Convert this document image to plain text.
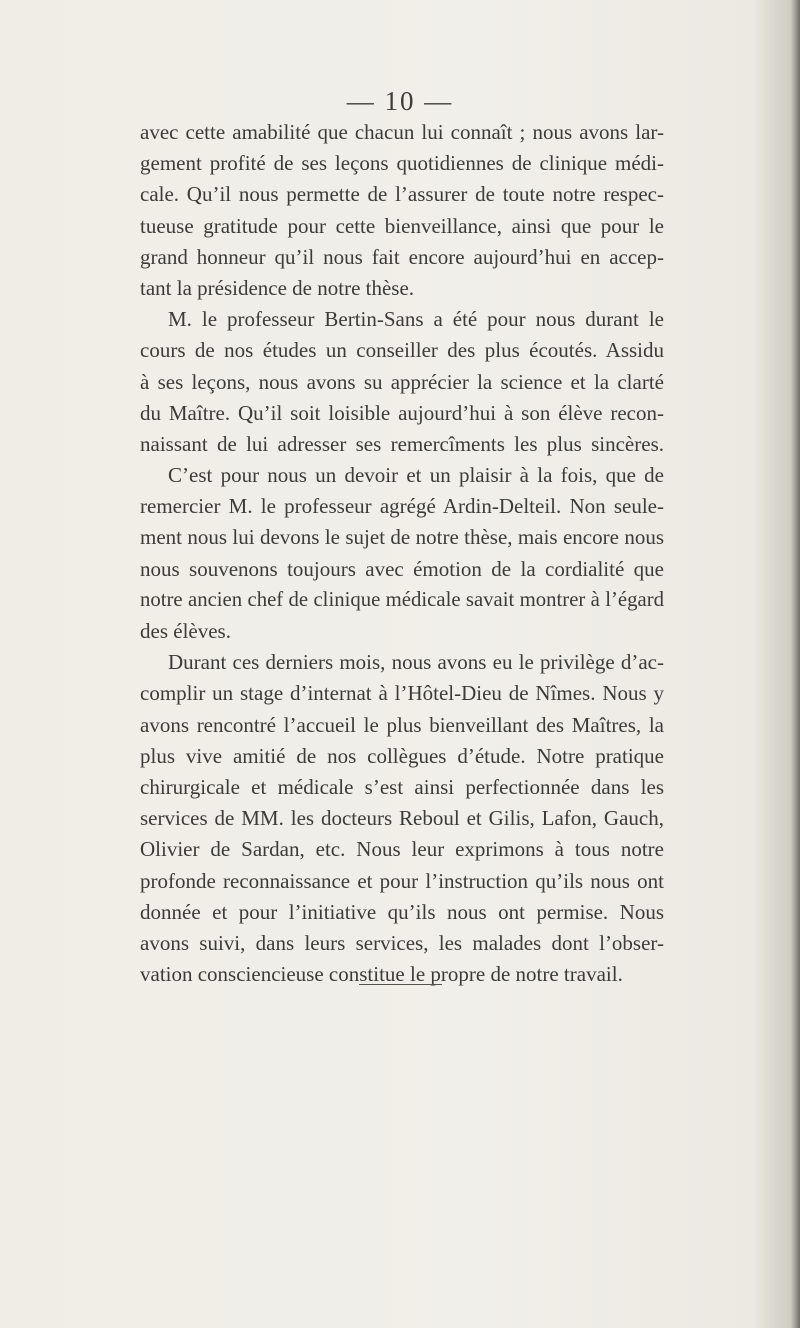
— 10 —
avec cette amabilité que chacun lui connaît ; nous avons lar-
gement profité de ses leçons quotidiennes de clinique médi-
cale. Qu’il nous permette de l’assurer de toute notre respec-
tueuse gratitude pour cette bienveillance, ainsi que pour le
grand honneur qu’il nous fait encore aujourd’hui en accep-
tant la présidence de notre thèse.
M. le professeur Bertin-Sans a été pour nous durant le
cours de nos études un conseiller des plus écoutés. Assidu
à ses leçons, nous avons su apprécier la science et la clarté
du Maître. Qu’il soit loisible aujourd’hui à son élève recon-
naissant de lui adresser ses remercîments les plus sincères.
C’est pour nous un devoir et un plaisir à la fois, que de
remercier M. le professeur agrégé Ardin-Delteil. Non seule-
ment nous lui devons le sujet de notre thèse, mais encore nous
nous souvenons toujours avec émotion de la cordialité que
notre ancien chef de clinique médicale savait montrer à l’égard
des élèves.
Durant ces derniers mois, nous avons eu le privilège d’ac-
complir un stage d’internat à l’Hôtel-Dieu de Nîmes. Nous y
avons rencontré l’accueil le plus bienveillant des Maîtres, la
plus vive amitié de nos collègues d’étude. Notre pratique
chirurgicale et médicale s’est ainsi perfectionnée dans les
services de MM. les docteurs Reboul et Gilis, Lafon, Gauch,
Olivier de Sardan, etc. Nous leur exprimons à tous notre
profonde reconnaissance et pour l’instruction qu’ils nous ont
donnée et pour l’initiative qu’ils nous ont permise. Nous
avons suivi, dans leurs services, les malades dont l’obser-
vation consciencieuse constitue le propre de notre travail.
